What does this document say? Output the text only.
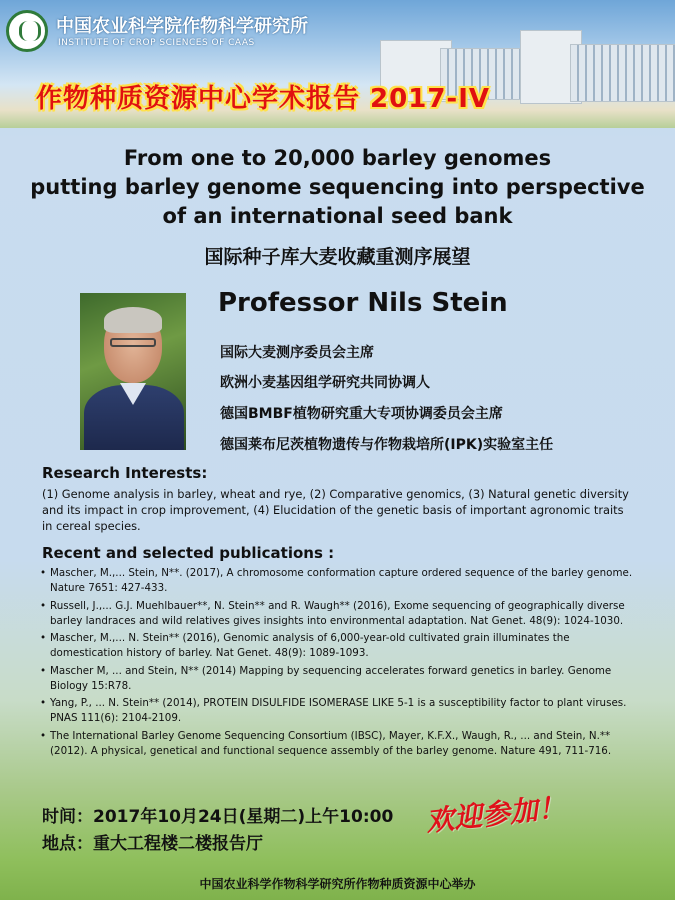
中国农业科学院作物科学研究所
INSTITUTE OF CROP SCIENCES OF CAAS
作物种质资源中心学术报告 2017-IV
From one to 20,000 barley genomes
putting barley genome sequencing into perspective
of an international seed bank
国际种子库大麦收藏重测序展望
Professor Nils Stein
国际大麦测序委员会主席
欧洲小麦基因组学研究共同协调人
德国BMBF植物研究重大专项协调委员会主席
德国莱布尼茨植物遗传与作物栽培所(IPK)实验室主任
Research Interests:
(1) Genome analysis in barley, wheat and rye, (2) Comparative genomics, (3) Natural genetic diversity and its impact in crop improvement, (4) Elucidation of the genetic basis of important agronomic traits in cereal species.
Recent and selected publications :
• Mascher, M.,... Stein, N**. (2017), A chromosome conformation capture ordered sequence of the barley genome. Nature 7651: 427-433.
• Russell, J.,... G.J. Muehlbauer**, N. Stein** and R. Waugh** (2016), Exome sequencing of geographically diverse barley landraces and wild relatives gives insights into environmental adaptation. Nat Genet. 48(9): 1024-1030.
• Mascher, M.,... N. Stein** (2016), Genomic analysis of 6,000-year-old cultivated grain illuminates the domestication history of barley. Nat Genet. 48(9): 1089-1093.
• Mascher M, ... and Stein, N** (2014) Mapping by sequencing accelerates forward genetics in barley. Genome Biology 15:R78.
• Yang, P., ... N. Stein** (2014), PROTEIN DISULFIDE ISOMERASE LIKE 5-1 is a susceptibility factor to plant viruses. PNAS 111(6): 2104-2109.
• The International Barley Genome Sequencing Consortium (IBSC), Mayer, K.F.X., Waugh, R., ... and Stein, N.** (2012). A physical, genetical and functional sequence assembly of the barley genome. Nature 491, 711-716.
时间：2017年10月24日(星期二)上午10:00
地点：重大工程楼二楼报告厅
欢迎参加！
中国农业科学作物科学研究所作物种质资源中心举办
